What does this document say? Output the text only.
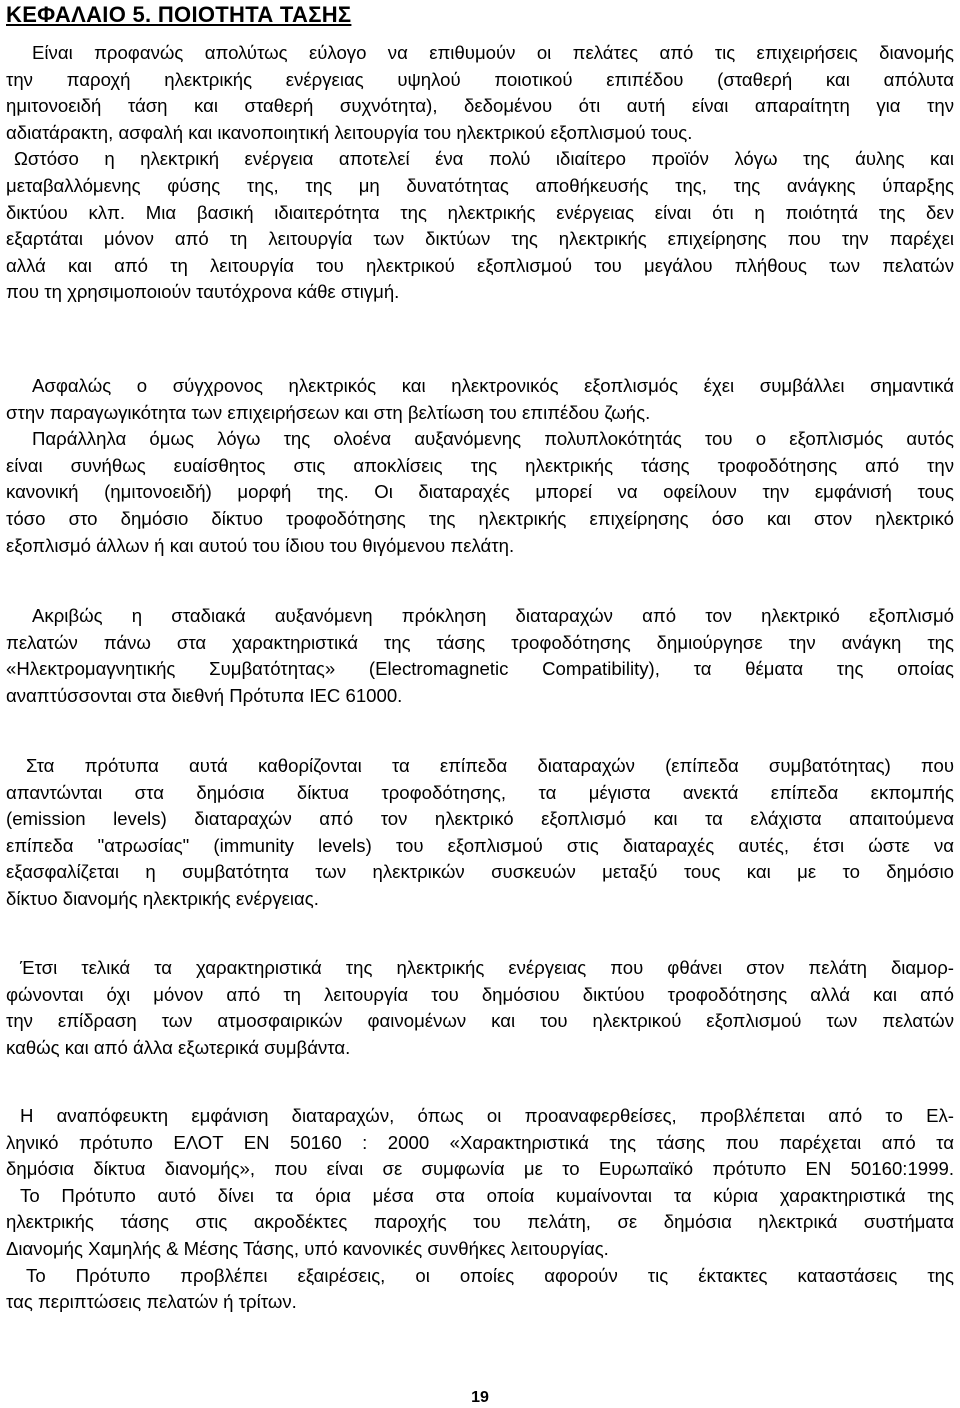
ΚΕΦΑΛΑΙΟ 5. ΠΟΙΟΤΗΤΑ ΤΑΣΗΣ
Είναι προφανώς απολύτως εύλογο να επιθυμούν οι πελάτες από τις επιχειρήσεις διανομής
την παροχή ηλεκτρικής ενέργειας υψηλού ποιοτικού επιπέδου (σταθερή και απόλυτα
ημιτονοειδή τάση και σταθερή συχνότητα), δεδομένου ότι αυτή είναι απαραίτητη για την
αδιατάρακτη, ασφαλή και ικανοποιητική λειτουργία του ηλεκτρικού εξοπλισμού τους.
Ωστόσο η ηλεκτρική ενέργεια αποτελεί ένα πολύ ιδιαίτερο προϊόν λόγω της άυλης και
μεταβαλλόμενης φύσης της, της μη δυνατότητας αποθήκευσής της, της ανάγκης ύπαρξης
δικτύου κλπ. Μια βασική ιδιαιτερότητα της ηλεκτρικής ενέργειας είναι ότι η ποιότητά της δεν
εξαρτάται μόνον από τη λειτουργία των δικτύων της ηλεκτρικής επιχείρησης που την παρέχει
αλλά και από τη λειτουργία του ηλεκτρικού εξοπλισμού του μεγάλου πλήθους των πελατών
που τη χρησιμοποιούν ταυτόχρονα κάθε στιγμή.
Ασφαλώς ο σύγχρονος ηλεκτρικός και ηλεκτρονικός εξοπλισμός έχει συμβάλλει σημαντικά
στην παραγωγικότητα των επιχειρήσεων και στη βελτίωση του επιπέδου ζωής.
Παράλληλα όμως λόγω της ολοένα αυξανόμενης πολυπλοκότητάς του ο εξοπλισμός αυτός
είναι συνήθως ευαίσθητος στις αποκλίσεις της ηλεκτρικής τάσης τροφοδότησης από την
κανονική (ημιτονοειδή) μορφή της. Οι διαταραχές μπορεί να οφείλουν την εμφάνισή τους
τόσο στο δημόσιο δίκτυο τροφοδότησης της ηλεκτρικής επιχείρησης όσο και στον ηλεκτρικό
εξοπλισμό άλλων ή και αυτού του ίδιου του θιγόμενου πελάτη.
Ακριβώς η σταδιακά αυξανόμενη πρόκληση διαταραχών από τον ηλεκτρικό εξοπλισμό
πελατών πάνω στα χαρακτηριστικά της τάσης τροφοδότησης δημιούργησε την ανάγκη της
«Ηλεκτρομαγνητικής Συμβατότητας» (Electromagnetic Compatibility), τα θέματα της οποίας
αναπτύσσονται στα διεθνή Πρότυπα IEC 61000.
Στα πρότυπα αυτά καθορίζονται τα επίπεδα διαταραχών (επίπεδα συμβατότητας) που
απαντώνται στα δημόσια δίκτυα τροφοδότησης, τα μέγιστα ανεκτά επίπεδα εκπομπής
(emission levels) διαταραχών από τον ηλεκτρικό εξοπλισμό και τα ελάχιστα απαιτούμενα
επίπεδα "ατρωσίας" (immunity levels) του εξοπλισμού στις διαταραχές αυτές, έτσι ώστε να
εξασφαλίζεται η συμβατότητα των ηλεκτρικών συσκευών μεταξύ τους και με το δημόσιο
δίκτυο διανομής ηλεκτρικής ενέργειας.
Έτσι τελικά τα χαρακτηριστικά της ηλεκτρικής ενέργειας που φθάνει στον πελάτη διαμορ-
φώνονται όχι μόνον από τη λειτουργία του δημόσιου δικτύου τροφοδότησης αλλά και από
την επίδραση των ατμοσφαιρικών φαινομένων και του ηλεκτρικού εξοπλισμού των πελατών
καθώς και από άλλα εξωτερικά συμβάντα.
Η αναπόφευκτη εμφάνιση διαταραχών, όπως οι προαναφερθείσες, προβλέπεται από το Ελ-
ληνικό πρότυπο ΕΛΟΤ ΕΝ 50160 : 2000 «Χαρακτηριστικά της τάσης που παρέχεται από τα
δημόσια δίκτυα διανομής», που είναι σε συμφωνία με το Ευρωπαϊκό πρότυπο ΕΝ 50160:1999.
Το Πρότυπο αυτό δίνει τα όρια μέσα στα οποία κυμαίνονται τα κύρια χαρακτηριστικά της
ηλεκτρικής τάσης στις ακροδέκτες παροχής του πελάτη, σε δημόσια ηλεκτρικά συστήματα
Διανομής Χαμηλής & Μέσης Τάσης, υπό κανονικές συνθήκες λειτουργίας.
Το Πρότυπο προβλέπει εξαιρέσεις, οι οποίες αφορούν τις έκτακτες καταστάσεις της
τας περιπτώσεις πελατών ή τρίτων.
19
